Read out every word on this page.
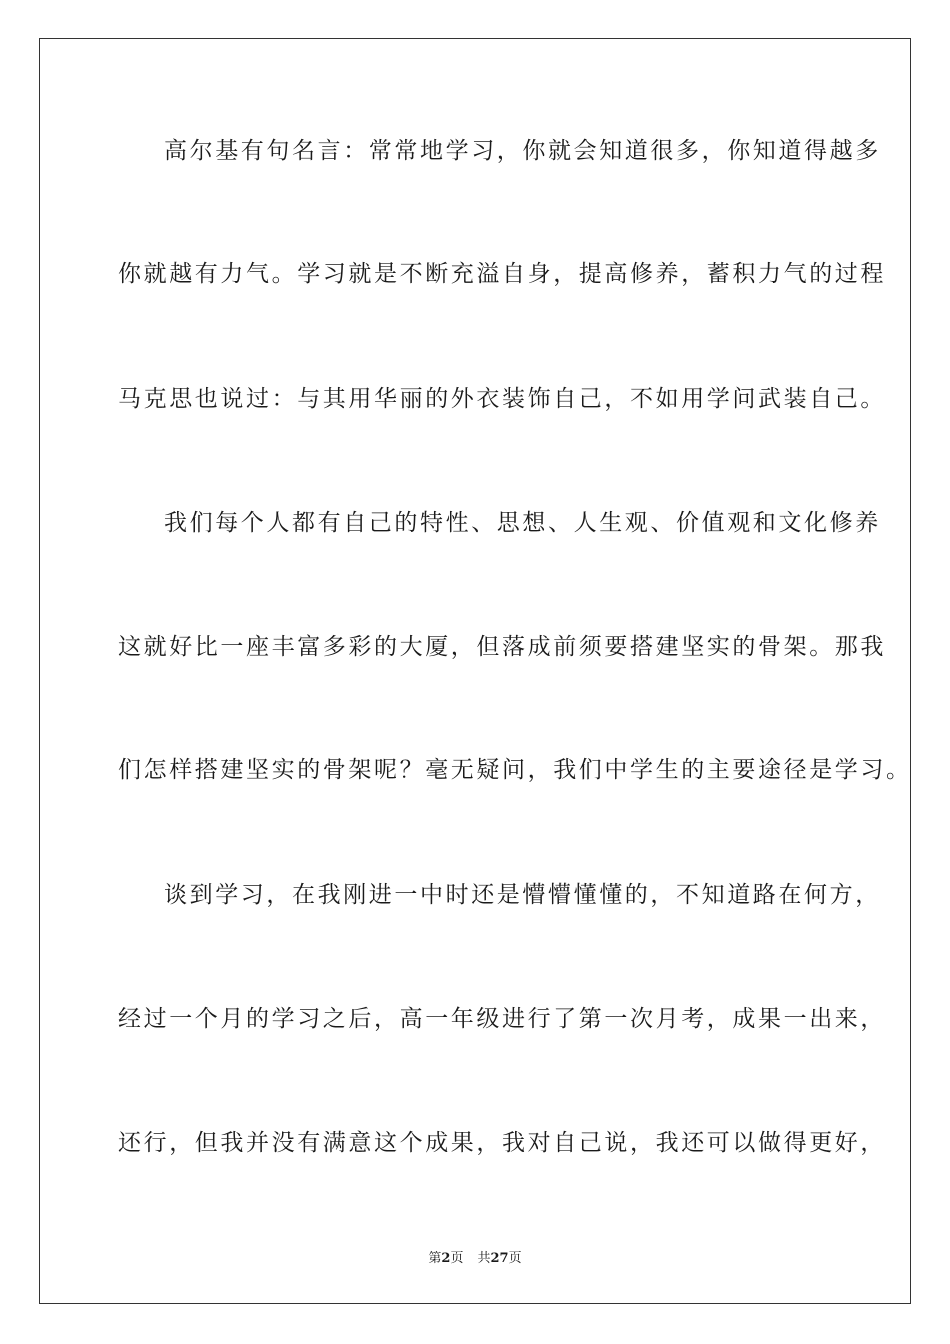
高尔基有句名言：常常地学习，你就会知道很多，你知道得越多
你就越有力气。学习就是不断充溢自身，提高修养，蓄积力气的过程
马克思也说过：与其用华丽的外衣装饰自己，不如用学问武装自己。
我们每个人都有自己的特性、思想、人生观、价值观和文化修养
这就好比一座丰富多彩的大厦，但落成前须要搭建坚实的骨架。那我
们怎样搭建坚实的骨架呢？毫无疑问，我们中学生的主要途径是学习。
谈到学习，在我刚进一中时还是懵懵懂懂的，不知道路在何方，
经过一个月的学习之后，高一年级进行了第一次月考，成果一出来，
还行，但我并没有满意这个成果，我对自己说，我还可以做得更好，
第2页 共27页
